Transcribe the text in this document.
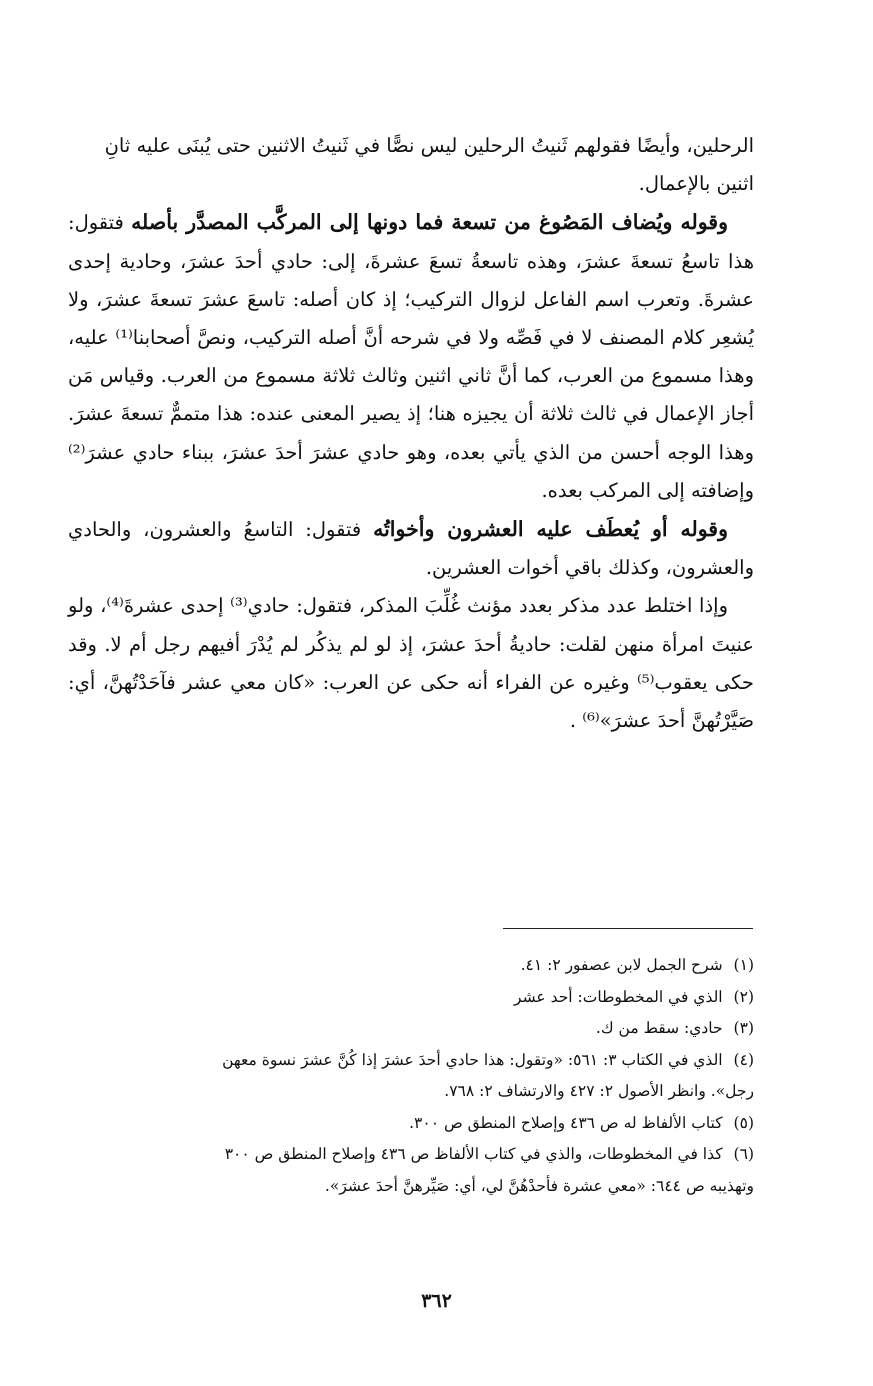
الرحلين، وأيضًا فقولهم ثَنيتُ الرحلين ليس نصًّا في ثَنيتُ الاثنين حتى يُبنَى عليه ثانِ
اثنين بالإعمال.

وقوله ويُضاف المَصُوغ من تسعة فما دونها إلى المركَّب المصدَّر بأصله فتقول: هذا تاسعُ تسعةَ عشرَ، وهذه تاسعةُ تسعَ عشرةَ، إلى: حادي أحدَ عشرَ، وحادية إحدى عشرةَ. وتعرب اسم الفاعل لزوال التركيب؛ إذ كان أصله: تاسعَ عشرَ تسعةَ عشرَ، ولا يُشعِر كلام المصنف لا في فَصِّه ولا في شرحه أنَّ أصله التركيب، ونصَّ أصحابنا⁽¹⁾ عليه، وهذا مسموع من العرب، كما أنَّ ثاني اثنين وثالث ثلاثة مسموع من العرب. وقياس مَن أجاز الإعمال في ثالث ثلاثة أن يجيزه هنا؛ إذ يصير المعنى عنده: هذا متممٌّ تسعةَ عشرَ. وهذا الوجه أحسن من الذي يأتي بعده، وهو حادي عشرَ أحدَ عشرَ، ببناء حادي عشرَ⁽²⁾ وإضافته إلى المركب بعده.

وقوله أو يُعطَف عليه العشرون وأخواتُه فتقول: التاسعُ والعشرون، والحادي والعشرون، وكذلك باقي أخوات العشرين.

وإذا اختلط عدد مذكر بعدد مؤنث غُلِّبَ المذكر، فتقول: حادي⁽³⁾ إحدى عشرةَ⁽⁴⁾، ولو عنيتَ امرأة منهن لقلت: حاديةُ أحدَ عشرَ، إذ لو لم يذكُر لم يُدْرَ أفيهم رجل أم لا. وقد حكى يعقوب⁽⁵⁾ وغيره عن الفراء أنه حكى عن العرب: «كان معي عشر فآحَدْتُهنَّ، أي: صَيَّرْتُهنَّ أحدَ عشرَ»⁽⁶⁾ .

(١) شرح الجمل لابن عصفور ٢: ٤١.

(٢) الذي في المخطوطات: أحد عشر

(٣) حادي: سقط من ك.

(٤) الذي في الكتاب ٣: ٥٦١: «وتقول: هذا حادي أحدَ عشرَ إذا كُنَّ عشرَ نسوة معهن

رجل». وانظر الأصول ٢: ٤٢٧ والارتشاف ٢: ٧٦٨.

(٥) كتاب الألفاظ له ص ٤٣٦ وإصلاح المنطق ص ٣٠٠.

(٦) كذا في المخطوطات، والذي في كتاب الألفاظ ص ٤٣٦ وإصلاح المنطق ص ٣٠٠

وتهذيبه ص ٦٤٤: «معي عشرة فأحدْهُنَّ لي، أي: صَيِّرهنَّ أحدَ عشرَ».

٣٦٢
